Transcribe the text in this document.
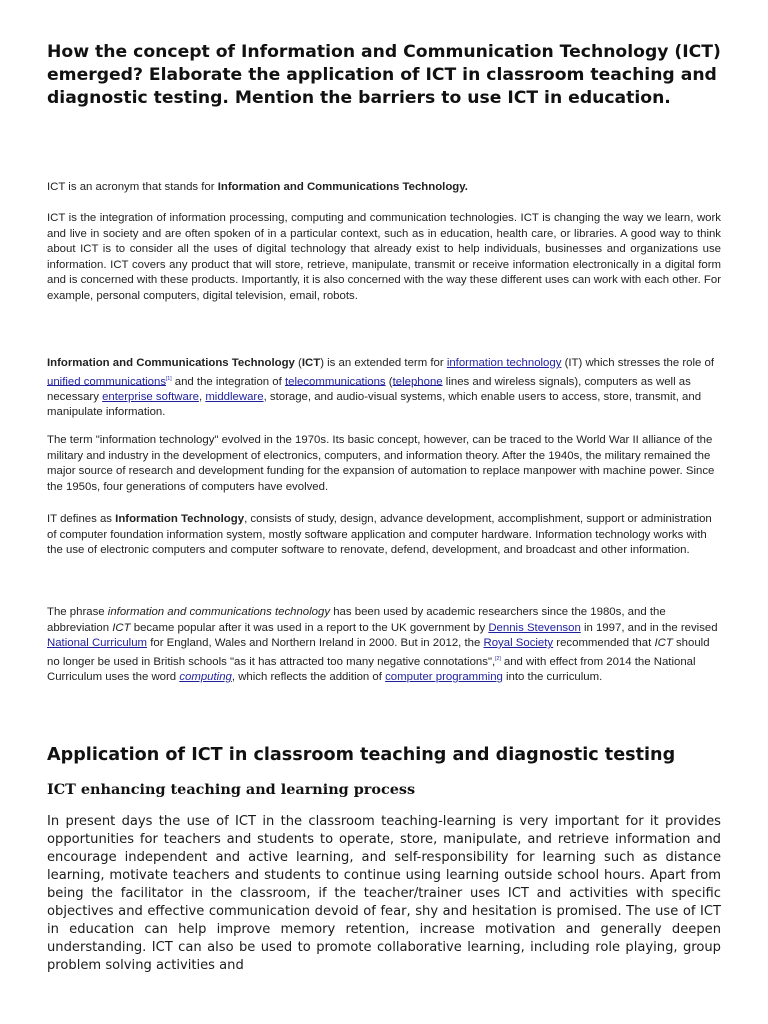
How the concept of Information and Communication Technology (ICT) emerged? Elaborate the application of ICT in classroom teaching and diagnostic testing. Mention the barriers to use ICT in education.

ICT is an acronym that stands for Information and Communications Technology.

ICT is the integration of information processing, computing and communication technologies. ICT is changing the way we learn, work and live in society and are often spoken of in a particular context, such as in education, health care, or libraries. A good way to think about ICT is to consider all the uses of digital technology that already exist to help individuals, businesses and organizations use information. ICT covers any product that will store, retrieve, manipulate, transmit or receive information electronically in a digital form and is concerned with these products. Importantly, it is also concerned with the way these different uses can work with each other. For example, personal computers, digital television, email, robots.

Information and Communications Technology (ICT) is an extended term for information technology (IT) which stresses the role of unified communications[1] and the integration of telecommunications (telephone lines and wireless signals), computers as well as necessary enterprise software, middleware, storage, and audio-visual systems, which enable users to access, store, transmit, and manipulate information.

The term "information technology" evolved in the 1970s. Its basic concept, however, can be traced to the World War II alliance of the military and industry in the development of electronics, computers, and information theory. After the 1940s, the military remained the major source of research and development funding for the expansion of automation to replace manpower with machine power. Since the 1950s, four generations of computers have evolved.

IT defines as Information Technology, consists of study, design, advance development, accomplishment, support or administration of computer foundation information system, mostly software application and computer hardware. Information technology works with the use of electronic computers and computer software to renovate, defend, development, and broadcast and other information.

The phrase information and communications technology has been used by academic researchers since the 1980s, and the abbreviation ICT became popular after it was used in a report to the UK government by Dennis Stevenson in 1997, and in the revised National Curriculum for England, Wales and Northern Ireland in 2000. But in 2012, the Royal Society recommended that ICT should no longer be used in British schools "as it has attracted too many negative connotations",[2] and with effect from 2014 the National Curriculum uses the word computing, which reflects the addition of computer programming into the curriculum.

Application of ICT in classroom teaching and diagnostic testing
ICT enhancing teaching and learning process

In present days the use of ICT in the classroom teaching-learning is very important for it provides opportunities for teachers and students to operate, store, manipulate, and retrieve information and encourage independent and active learning, and self-responsibility for learning such as distance learning, motivate teachers and students to continue using learning outside school hours. Apart from being the facilitator in the classroom, if the teacher/trainer uses ICT and activities with specific objectives and effective communication devoid of fear, shy and hesitation is promised. The use of ICT in education can help improve memory retention, increase motivation and generally deepen understanding. ICT can also be used to promote collaborative learning, including role playing, group problem solving activities and
